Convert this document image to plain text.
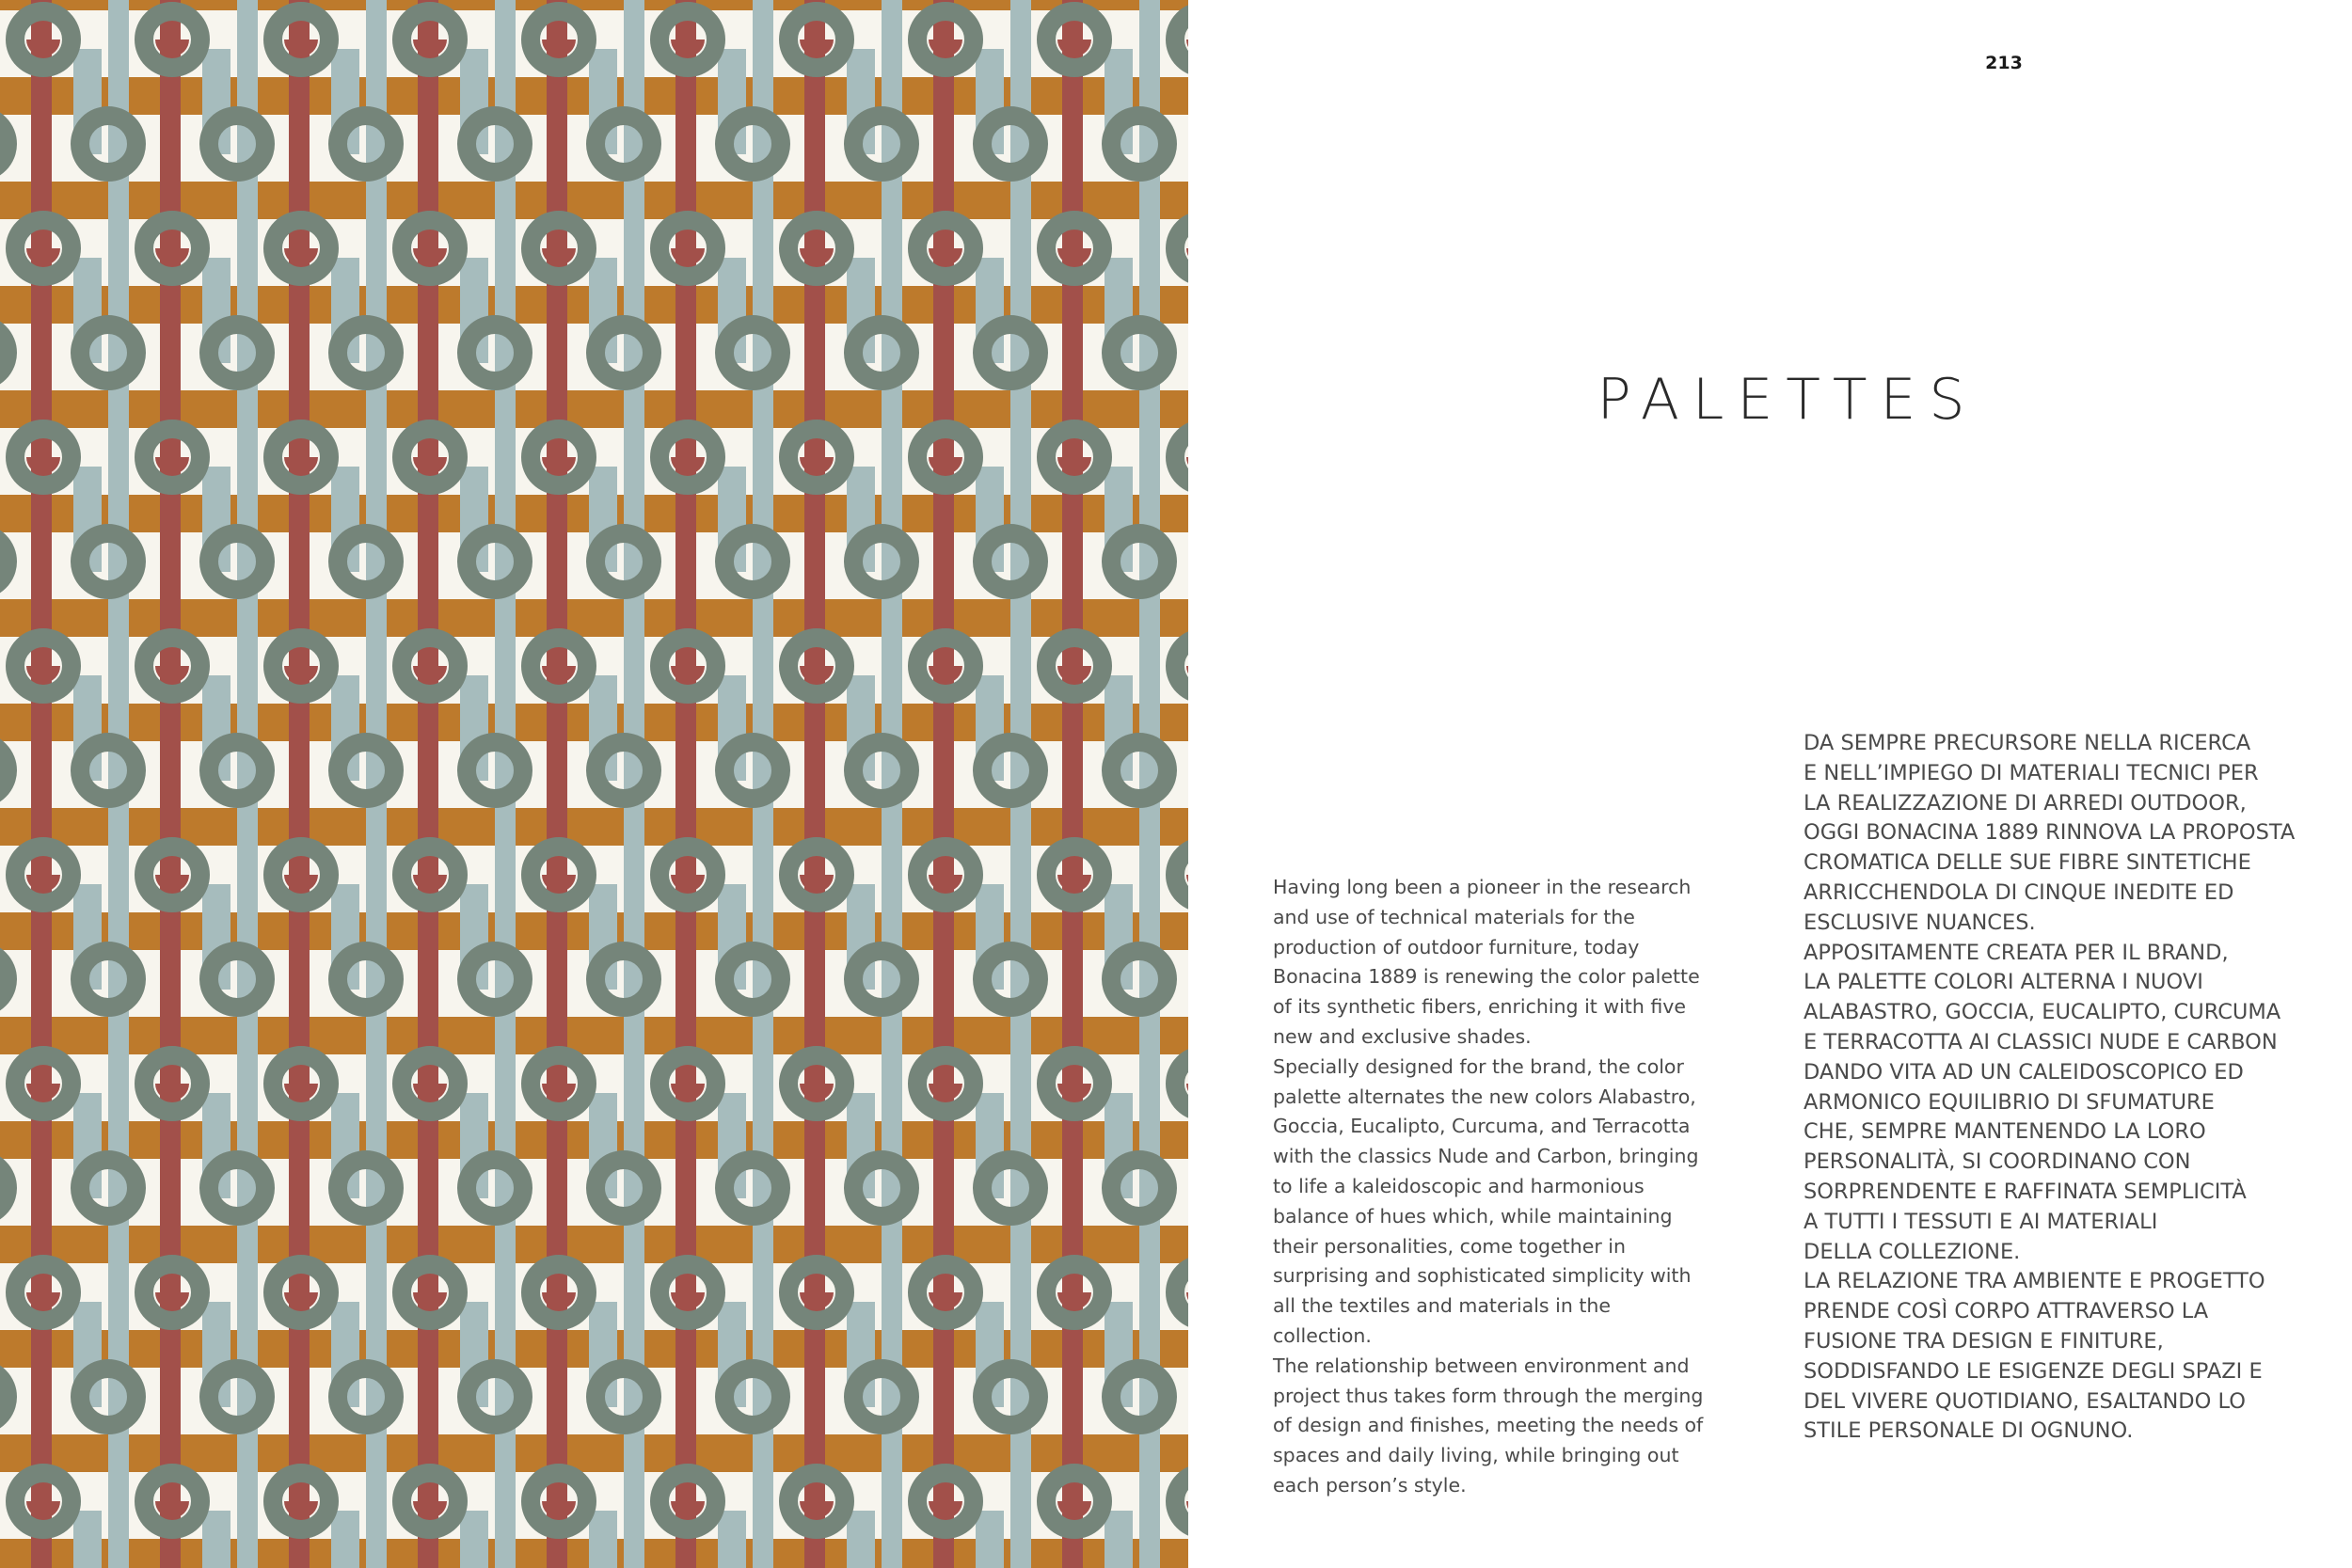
213
PALETTES

Having long been a pioneer in the research
and use of technical materials for the
production of outdoor furniture, today
Bonacina 1889 is renewing the color palette
of its synthetic fibers, enriching it with five
new and exclusive shades.

Specially designed for the brand, the color
palette alternates the new colors Alabastro,
Goccia, Eucalipto, Curcuma, and Terracotta
with the classics Nude and Carbon, bringing
to life a kaleidoscopic and harmonious
balance of hues which, while maintaining
their personalities, come together in
surprising and sophisticated simplicity with
all the textiles and materials in the collection.

The relationship between environment and
project thus takes form through the merging
of design and finishes, meeting the needs of
spaces and daily living, while bringing out
each person’s style.

DA SEMPRE PRECURSORE NELLA RICERCA
E NELL’IMPIEGO DI MATERIALI TECNICI PER
LA REALIZZAZIONE DI ARREDI OUTDOOR,
OGGI BONACINA 1889 RINNOVA LA PROPOSTA
CROMATICA DELLE SUE FIBRE SINTETICHE
ARRICCHENDOLA DI CINQUE INEDITE ED
ESCLUSIVE NUANCES.

APPOSITAMENTE CREATA PER IL BRAND,
LA PALETTE COLORI ALTERNA I NUOVI
ALABASTRO, GOCCIA, EUCALIPTO, CURCUMA
E TERRACOTTA AI CLASSICI NUDE E CARBON
DANDO VITA AD UN CALEIDOSCOPICO ED
ARMONICO EQUILIBRIO DI SFUMATURE
CHE, SEMPRE MANTENENDO LA LORO
PERSONALITÀ, SI COORDINANO CON
SORPRENDENTE E RAFFINATA SEMPLICITÀ
A TUTTI I TESSUTI E AI MATERIALI
DELLA COLLEZIONE.

LA RELAZIONE TRA AMBIENTE E PROGETTO
PRENDE COSÌ CORPO ATTRAVERSO LA
FUSIONE TRA DESIGN E FINITURE,
SODDISFANDO LE ESIGENZE DEGLI SPAZI E
DEL VIVERE QUOTIDIANO, ESALTANDO LO
STILE PERSONALE DI OGNUNO.
